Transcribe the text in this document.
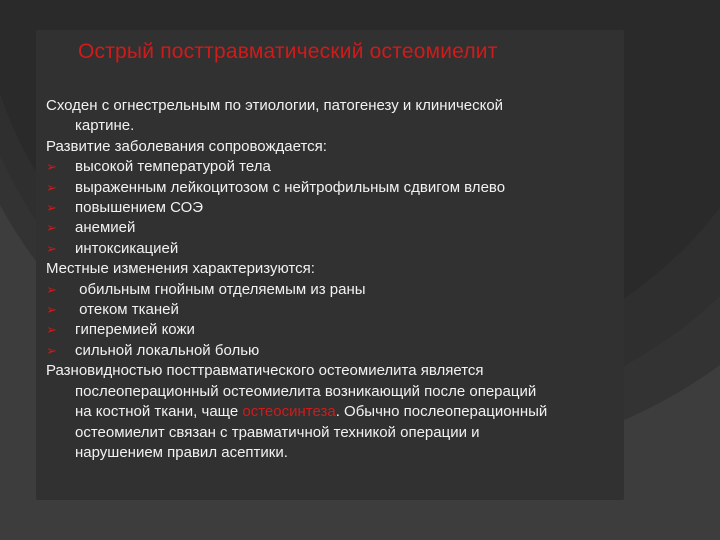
Острый посттравматический остеомиелит
Сходен с огнестрельным по этиологии, патогенезу и клинической
картине.
Развитие заболевания сопровождается:
➢ высокой температурой тела
➢ выраженным лейкоцитозом с нейтрофильным сдвигом влево
➢ повышением СОЭ
➢ анемией
➢ интоксикацией
Местные изменения характеризуются:
➢ обильным гнойным отделяемым из раны
➢ отеком тканей
➢ гиперемией кожи
➢ сильной локальной болью
Разновидностью посттравматического остеомиелита является
послеоперационный остеомиелита возникающий после операций
на костной ткани, чаще остеосинтеза. Обычно послеоперационный
остеомиелит связан с травматичной техникой операции и
нарушением правил асептики.
